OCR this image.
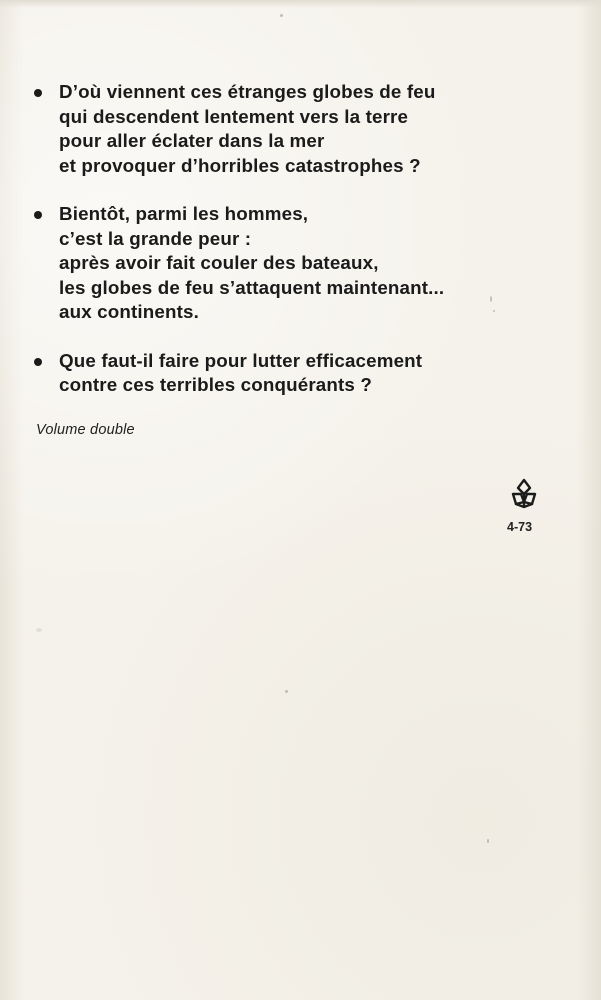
D’où viennent ces étranges globes de feu
qui descendent lentement vers la terre
pour aller éclater dans la mer
et provoquer d’horribles catastrophes ?
Bientôt, parmi les hommes,
c’est la grande peur :
après avoir fait couler des bateaux,
les globes de feu s’attaquent maintenant...
aux continents.
Que faut-il faire pour lutter efficacement
contre ces terribles conquérants ?
Volume double
4-73
